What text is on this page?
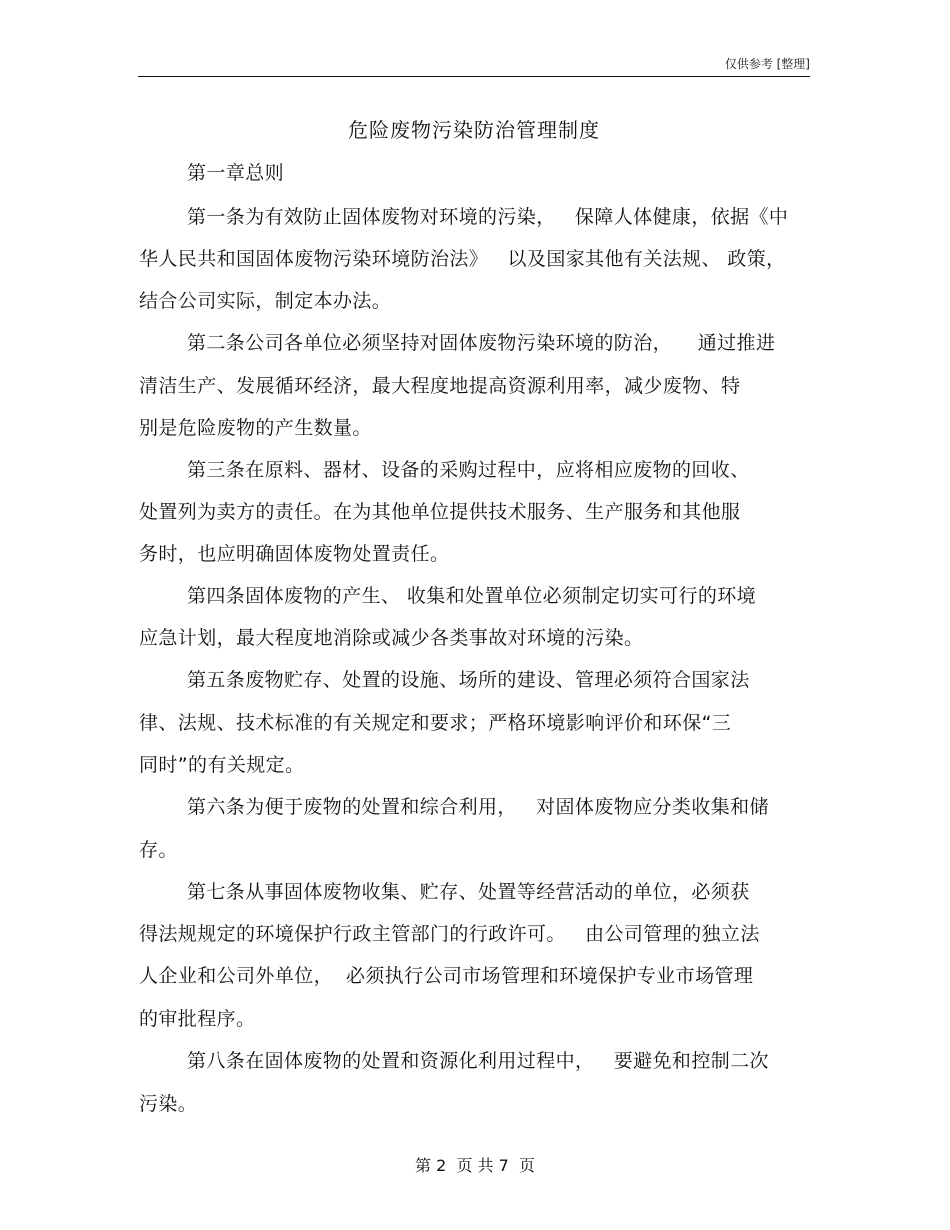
仅供参考 [整理]
危险废物污染防治管理制度
第一章总则
第一条为有效防止固体废物对环境的污染，   保障人体健康，依据《中
华人民共和国固体废物污染环境防治法》   以及国家其他有关法规、 政策，
结合公司实际，制定本办法。
第二条公司各单位必须坚持对固体废物污染环境的防治，    通过推进
清洁生产、发展循环经济，最大程度地提高资源利用率，减少废物、特
别是危险废物的产生数量。
第三条在原料、器材、设备的采购过程中，应将相应废物的回收、
处置列为卖方的责任。在为其他单位提供技术服务、生产服务和其他服
务时，也应明确固体废物处置责任。
第四条固体废物的产生、 收集和处置单位必须制定切实可行的环境
应急计划，最大程度地消除或减少各类事故对环境的污染。
第五条废物贮存、处置的设施、场所的建设、管理必须符合国家法
律、法规、技术标准的有关规定和要求；严格环境影响评价和环保“三
同时”的有关规定。
第六条为便于废物的处置和综合利用，   对固体废物应分类收集和储
存。
第七条从事固体废物收集、贮存、处置等经营活动的单位，必须获
得法规规定的环境保护行政主管部门的行政许可。   由公司管理的独立法
人企业和公司外单位，  必须执行公司市场管理和环境保护专业市场管理
的审批程序。
第八条在固体废物的处置和资源化利用过程中，   要避免和控制二次
污染。
第 2  页 共 7  页
